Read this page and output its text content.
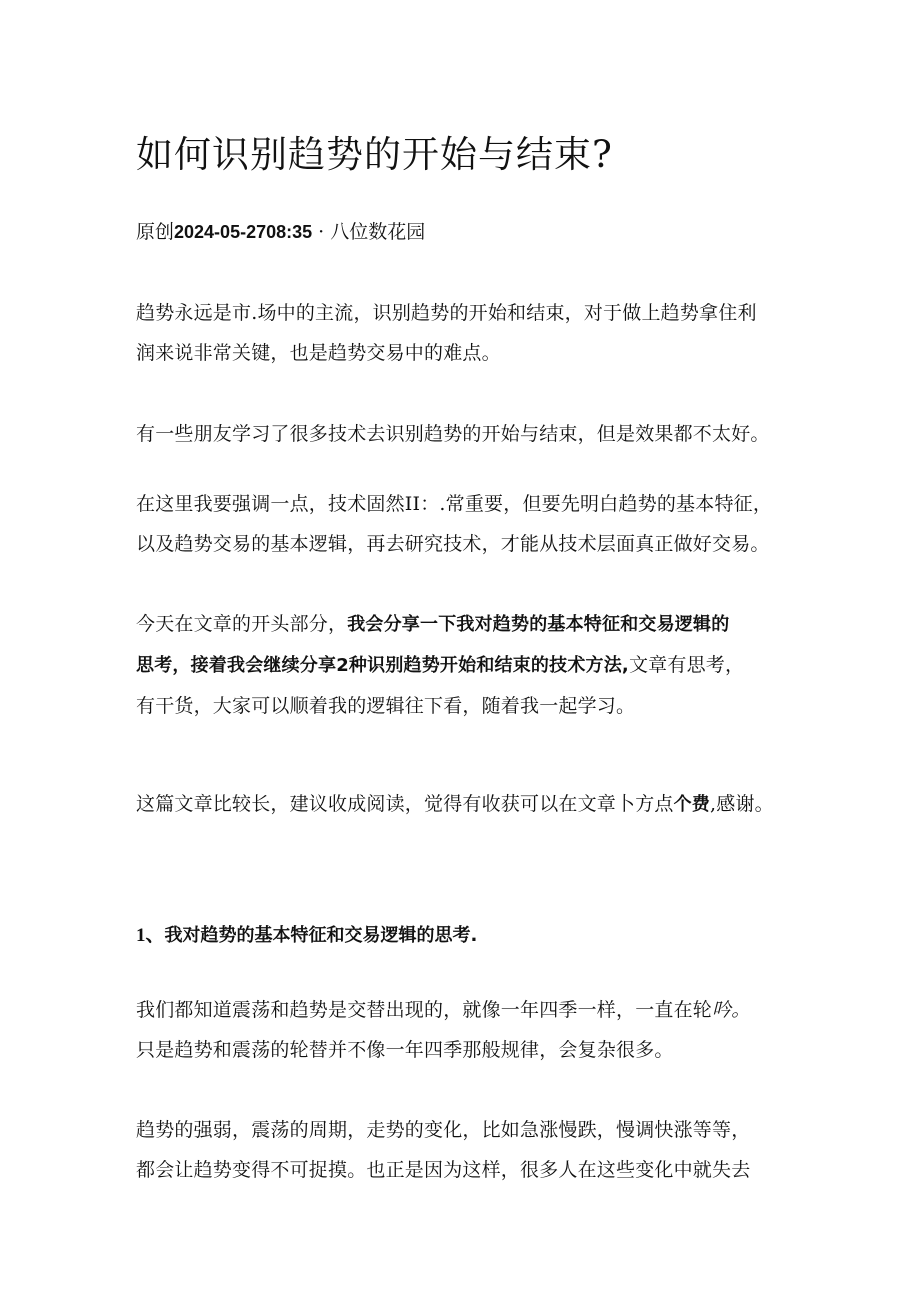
如何识别趋势的开始与结束?
原创2024-05-2708:35 · 八位数花园

趋势永远是市.场中的主流，识别趋势的开始和结束，对于做上趋势拿住利
润来说非常关键，也是趋势交易中的难点。

有一些朋友学习了很多技术去识别趋势的开始与结束，但是效果都不太好。

在这里我要强调一点，技术固然II：.常重要，但要先明白趋势的基本特征，
以及趋势交易的基本逻辑，再去研究技术，才能从技术层面真正做好交易。

今天在文章的开头部分，我会分享一下我对趋势的基本特征和交易逻辑的
思考，接着我会继续分享2种识别趋势开始和结束的技术方法,文章有思考，
有干货，大家可以顺着我的逻辑往下看，随着我一起学习。

这篇文章比较长，建议收成阅读，觉得有收获可以在文章卜方点个费,感谢。

1、我对趋势的基本特征和交易逻辑的思考.

我们都知道震荡和趋势是交替出现的，就像一年四季一样，一直在轮吟。
只是趋势和震荡的轮替并不像一年四季那般规律，会复杂很多。

趋势的强弱，震荡的周期，走势的变化，比如急涨慢跌，慢调快涨等等，
都会让趋势变得不可捉摸。也正是因为这样，很多人在这些变化中就失去
